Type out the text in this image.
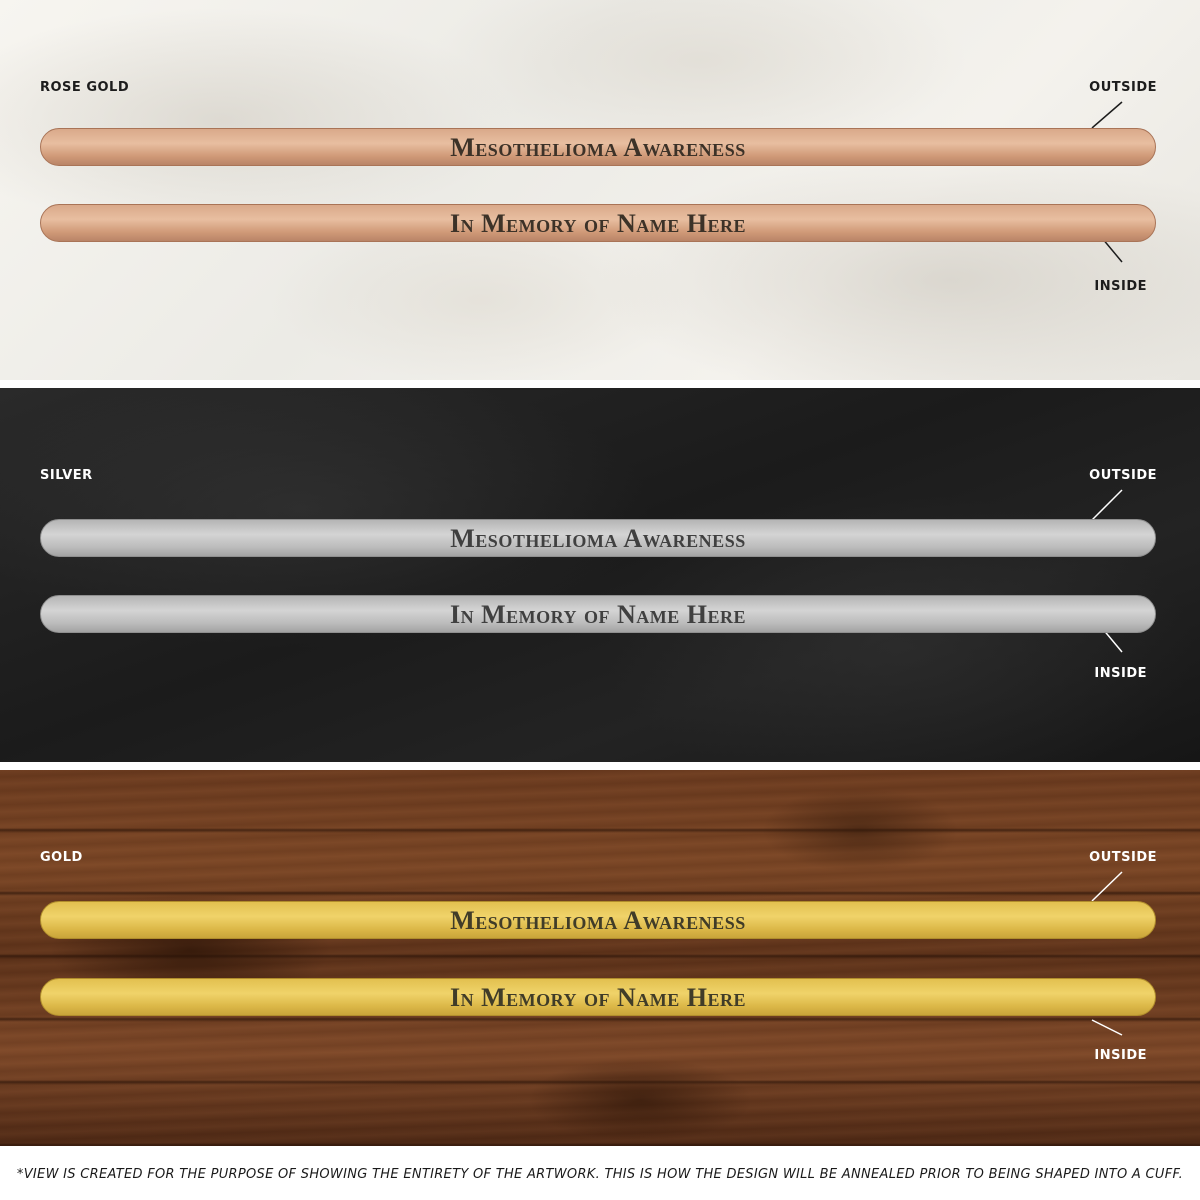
ROSE GOLD	OUTSIDE
Mesothelioma Awareness
In Memory of Name Here
INSIDE
SILVER	OUTSIDE
Mesothelioma Awareness
In Memory of Name Here
INSIDE
GOLD	OUTSIDE
Mesothelioma Awareness
In Memory of Name Here
INSIDE
*VIEW IS CREATED FOR THE PURPOSE OF SHOWING THE ENTIRETY OF THE ARTWORK. THIS IS HOW THE DESIGN WILL BE ANNEALED PRIOR TO BEING SHAPED INTO A CUFF.
